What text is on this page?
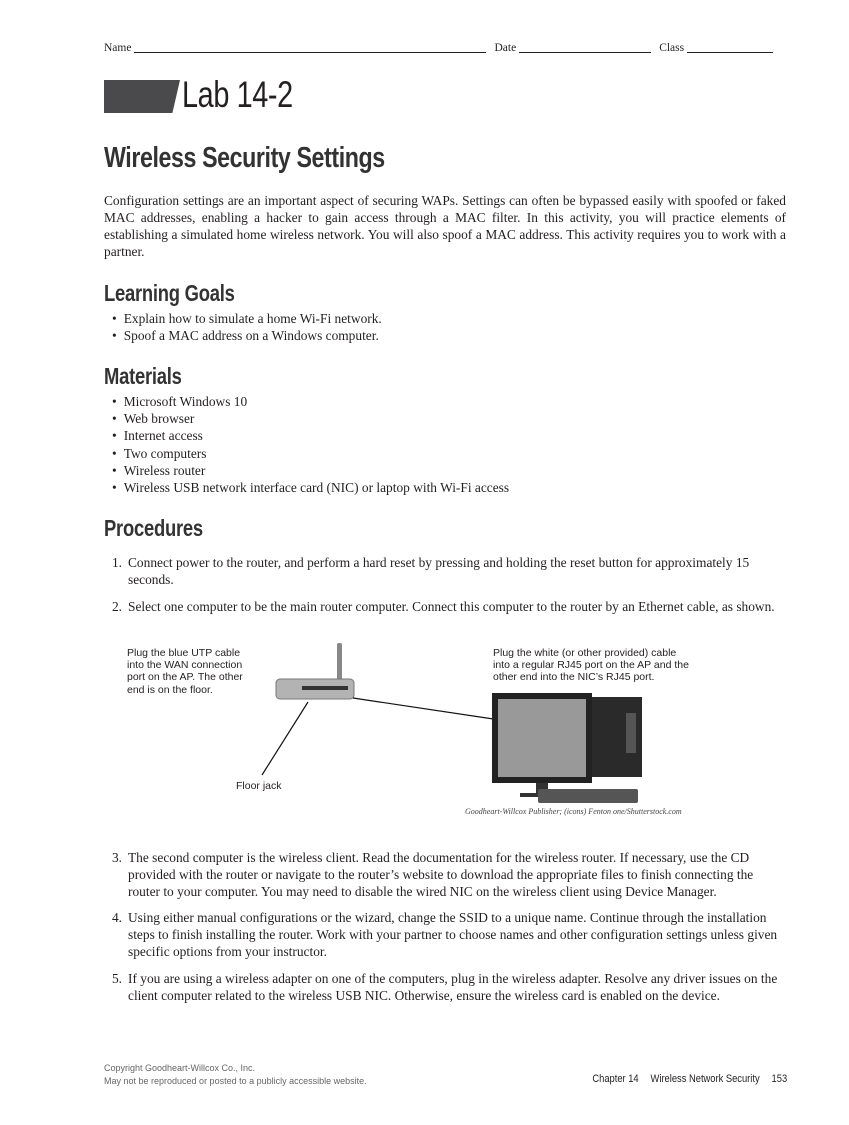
Name	Date	Class
Lab 14-2
Wireless Security Settings

Configuration settings are an important aspect of securing WAPs. Settings can often be bypassed easily with spoofed or faked MAC addresses, enabling a hacker to gain access through a MAC filter. In this activity, you will practice elements of establishing a simulated home wireless network. You will also spoof a MAC address. This activity requires you to work with a partner.

Learning Goals
• Explain how to simulate a home Wi-Fi network.
• Spoof a MAC address on a Windows computer.
Materials
• Microsoft Windows 10
• Web browser
• Internet access
• Two computers
• Wireless router
• Wireless USB network interface card (NIC) or laptop with Wi-Fi access
Procedures
1. Connect power to the router, and perform a hard reset by pressing and holding the reset button for approximately 15 seconds.
2. Select one computer to be the main router computer. Connect this computer to the router by an Ethernet cable, as shown.
Plug the blue UTP cable into the WAN connection port on the AP. The other end is on the floor.
Plug the white (or other provided) cable into a regular RJ45 port on the AP and the other end into the NIC’s RJ45 port.
Floor jack
Goodheart-Willcox Publisher; (icons) Fenton one/Shutterstock.com
3. The second computer is the wireless client. Read the documentation for the wireless router. If necessary, use the CD provided with the router or navigate to the router’s website to download the appropriate files to finish connecting the router to your computer. You may need to disable the wired NIC on the wireless client using Device Manager.
4. Using either manual configurations or the wizard, change the SSID to a unique name. Continue through the installation steps to finish installing the router. Work with your partner to choose names and other configuration settings unless given specific options from your instructor.
5. If you are using a wireless adapter on one of the computers, plug in the wireless adapter. Resolve any driver issues on the client computer related to the wireless USB NIC. Otherwise, ensure the wireless card is enabled on the device.
Copyright Goodheart-Willcox Co., Inc.
May not be reproduced or posted to a publicly accessible website.	Chapter 14 Wireless Network Security 153
